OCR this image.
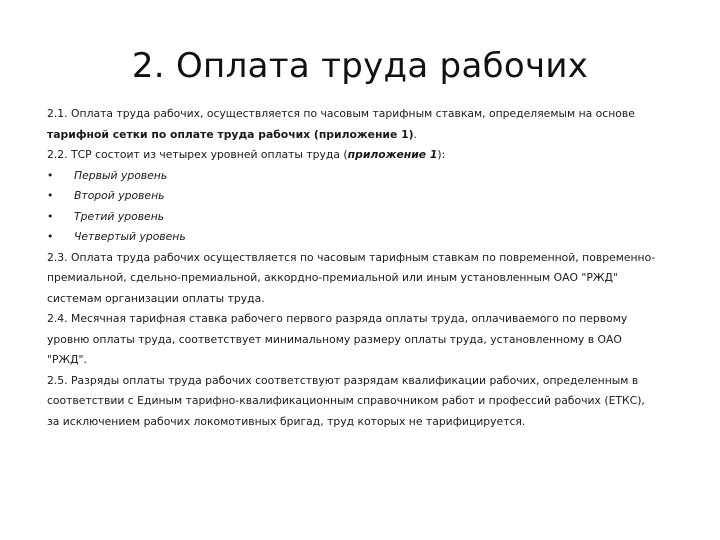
2. Оплата труда рабочих
2.1. Оплата труда рабочих, осуществляется по часовым тарифным ставкам, определяемым на основе
тарифной сетки по оплате труда рабочих (приложение 1).
2.2. ТСР состоит из четырех уровней оплаты труда (приложение 1):
•	Первый уровень
•	Второй уровень
•	Третий уровень
•	Четвертый уровень
2.3. Оплата труда рабочих осуществляется по часовым тарифным ставкам по повременной, повременно-
премиальной, сдельно-премиальной, аккордно-премиальной или иным установленным ОАО "РЖД"
системам организации оплаты труда.
2.4. Месячная тарифная ставка рабочего первого разряда оплаты труда, оплачиваемого по первому
уровню оплаты труда, соответствует минимальному размеру оплаты труда, установленному в ОАО
"РЖД".
2.5. Разряды оплаты труда рабочих соответствуют разрядам квалификации рабочих, определенным в
соответствии с Единым тарифно-квалификационным справочником работ и профессий рабочих (ЕТКС),
за исключением рабочих локомотивных бригад, труд которых не тарифицируется.
